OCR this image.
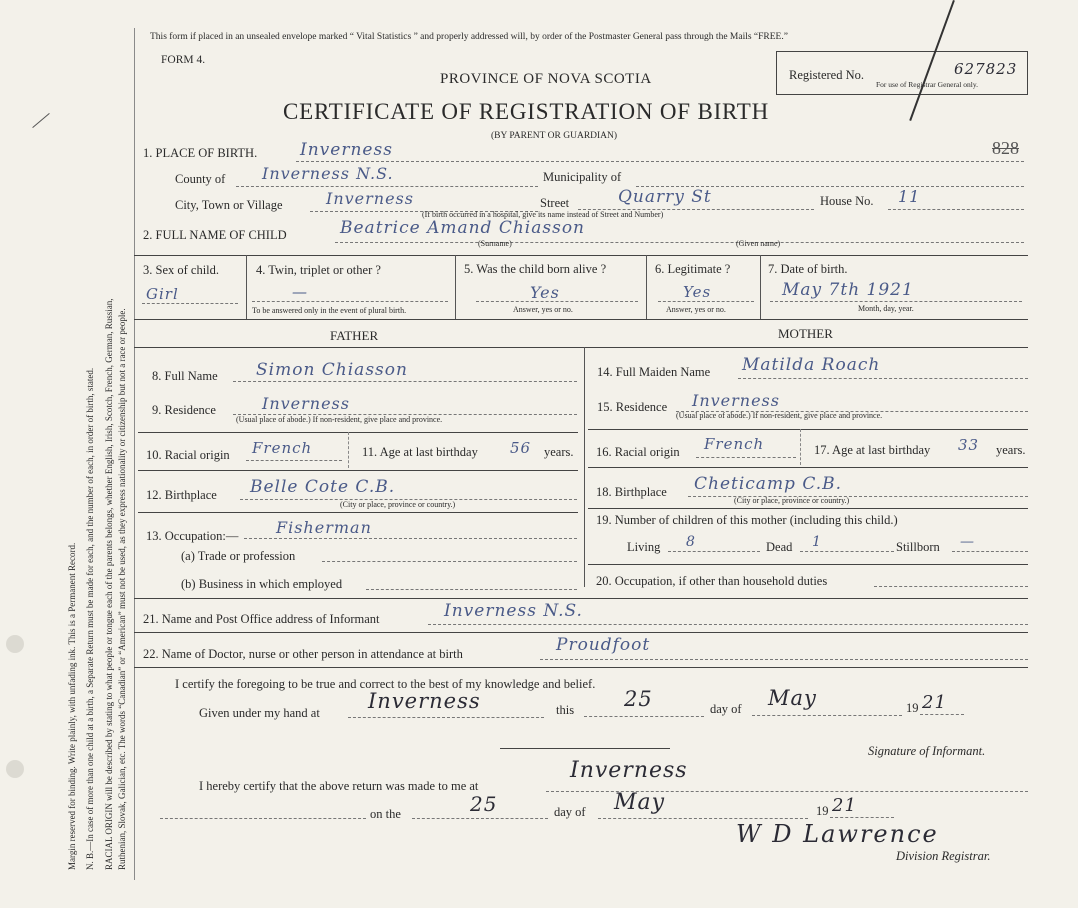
Margin reserved for binding. Write plainly, with unfading ink. This is a Permanent Record. N. B.—In case of more than one child at a birth, a Separate Return must be made for each, and the number of each, in order of birth, stated. RACIAL ORIGIN will be described by stating to what people or tongue each of the parents belongs, whether English, Irish, Scotch, French, German, Russian, Ruthenian, Slovak, Galician, etc. The words “Canadian” or “American” must not be used, as they express nationality or citizenship but not a race or people.
This form if placed in an unsealed envelope marked “ Vital Statistics ” and properly addressed will, by order of the Postmaster General pass through the Mails “FREE.”
FORM 4.
PROVINCE OF NOVA SCOTIA
CERTIFICATE OF REGISTRATION OF BIRTH
(BY PARENT OR GUARDIAN)
Registered No.	627823
For use of Registrar General only.
828
1. PLACE OF BIRTH.	Inverness
County of Inverness N.S.	Municipality of
City, Town or Village	Inverness	Street	Quarry St	House No. 11
(If birth occurred in a hospital, give its name instead of Street and Number)
2. FULL NAME OF CHILD	Beatrice Amand Chiasson
(Surname)	(Given name)
3. Sex of child.
Girl
4. Twin, triplet or other ?
—
To be answered only in the event of plural birth.
5. Was the child born alive ?
Yes
Answer, yes or no.
6. Legitimate ?
Yes
Answer, yes or no.
7. Date of birth.
May 7th 1921
Month, day, year.
FATHER	MOTHER
8. Full Name Simon Chiasson
9. Residence	Inverness
(Usual place of abode.) If non-resident, give place and province.
10. Racial origin French	11. Age at last birthday 56 years.
12. Birthplace Belle Cote C.B.
(City or place, province or country.)
13. Occupation:— Fisherman
(a) Trade or profession
(b) Business in which employed
14. Full Maiden Name Matilda Roach
15. Residence Inverness
(Usual place of abode.) If non-resident, give place and province.
16. Racial origin French	17. Age at last birthday 33 years.
18. Birthplace Cheticamp C.B.
(City or place, province or country.)
19. Number of children of this mother (including this child.)
Living 8	Dead 1	Stillborn —
20. Occupation, if other than household duties
21. Name and Post Office address of Informant	Inverness N.S.
22. Name of Doctor, nurse or other person in attendance at birth	Proudfoot
I certify the foregoing to be true and correct to the best of my knowledge and belief.
Given under my hand at Inverness	this 25	day of May	19 21
Signature of Informant.
I hereby certify that the above return was made to me at
Inverness
on the	25	day of May	19 21
W D Lawrence
Division Registrar.
